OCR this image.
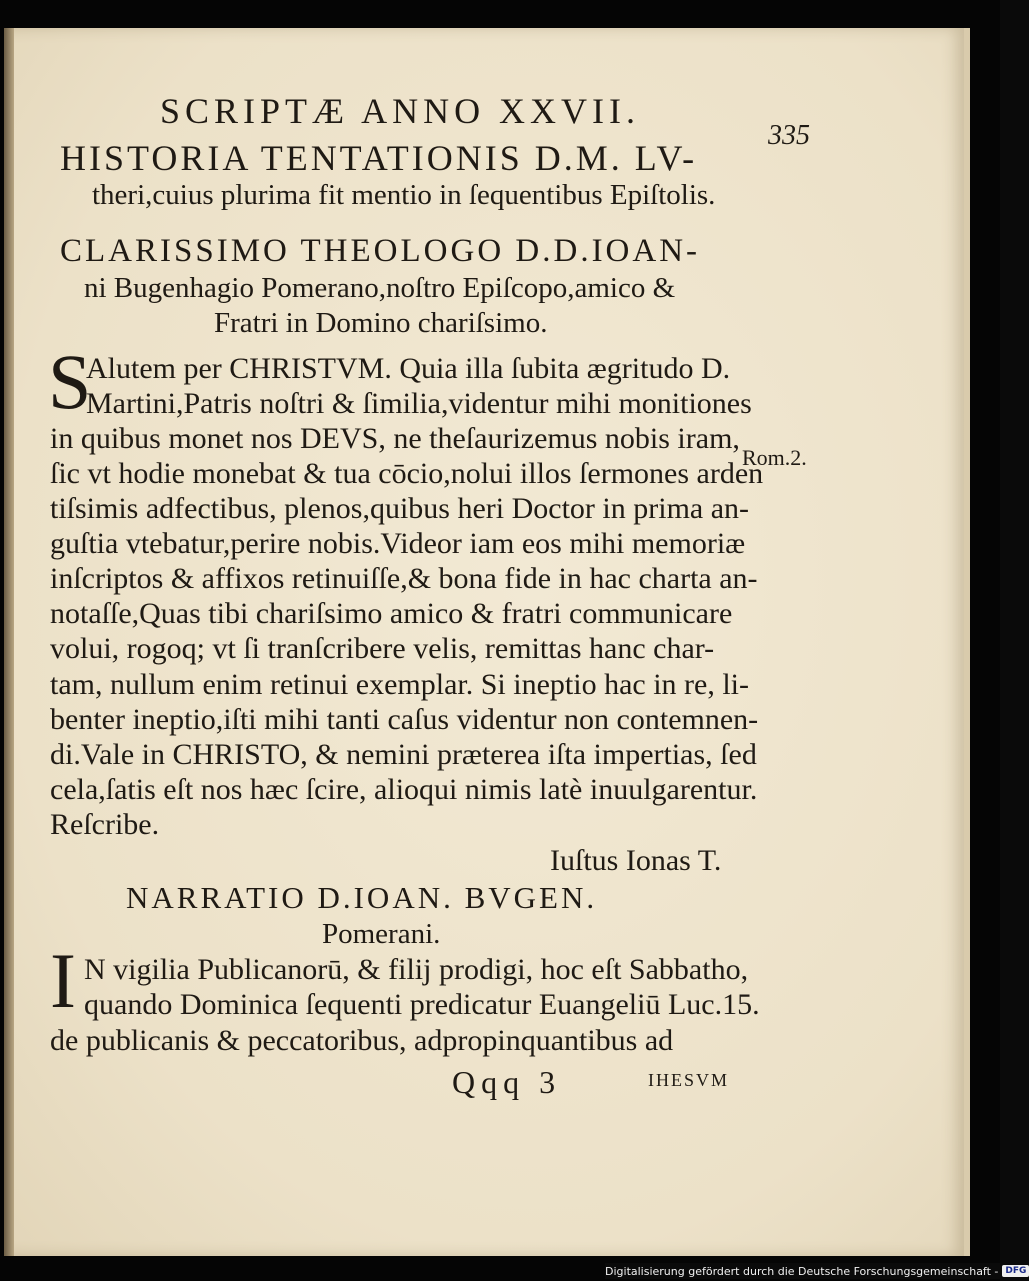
SCRIPTÆ ANNO XXVII.
335
HISTORIA TENTATIONIS D.M. LV-
theri,cuius plurima fit mentio in ſequentibus Epiſtolis.
CLARISSIMO THEOLOGO D.D.IOAN-
ni Bugenhagio Pomerano,noſtro Epiſcopo,amico &
Fratri in Domino chariſsimo.
S
Alutem per CHRISTVM. Quia illa ſubita ægritudo D.
Martini,Patris noſtri & ſimilia,videntur mihi monitiones
in quibus monet nos DEVS, ne theſaurizemus nobis iram,
ſic vt hodie monebat & tua cōcio,nolui illos ſermones arden
tiſsimis adfectibus, plenos,quibus heri Doctor in prima an-
guſtia vtebatur,perire nobis.Videor iam eos mihi memoriæ
inſcriptos & affixos retinuiſſe,& bona fide in hac charta an-
notaſſe,Quas tibi chariſsimo amico & fratri communicare
volui, rogoq; vt ſi tranſcribere velis, remittas hanc char-
tam, nullum enim retinui exemplar. Si ineptio hac in re, li-
benter ineptio,iſti mihi tanti caſus videntur non contemnen-
di.Vale in CHRISTO, & nemini præterea iſta impertias, ſed
cela,ſatis eſt nos hæc ſcire, alioqui nimis latè inuulgarentur.
Reſcribe.
Rom.2.
Iuſtus Ionas T.
NARRATIO D.IOAN. BVGEN.
Pomerani.
I N vigilia Publicanorū, & filij prodigi, hoc eſt Sabbatho,
quando Dominica ſequenti predicatur Euangeliū Luc.15.
de publicanis & peccatoribus, adpropinquantibus ad
Qqq 3	IHESVM
Digitalisierung gefördert durch die Deutsche Forschungsgemeinschaft - DFG
